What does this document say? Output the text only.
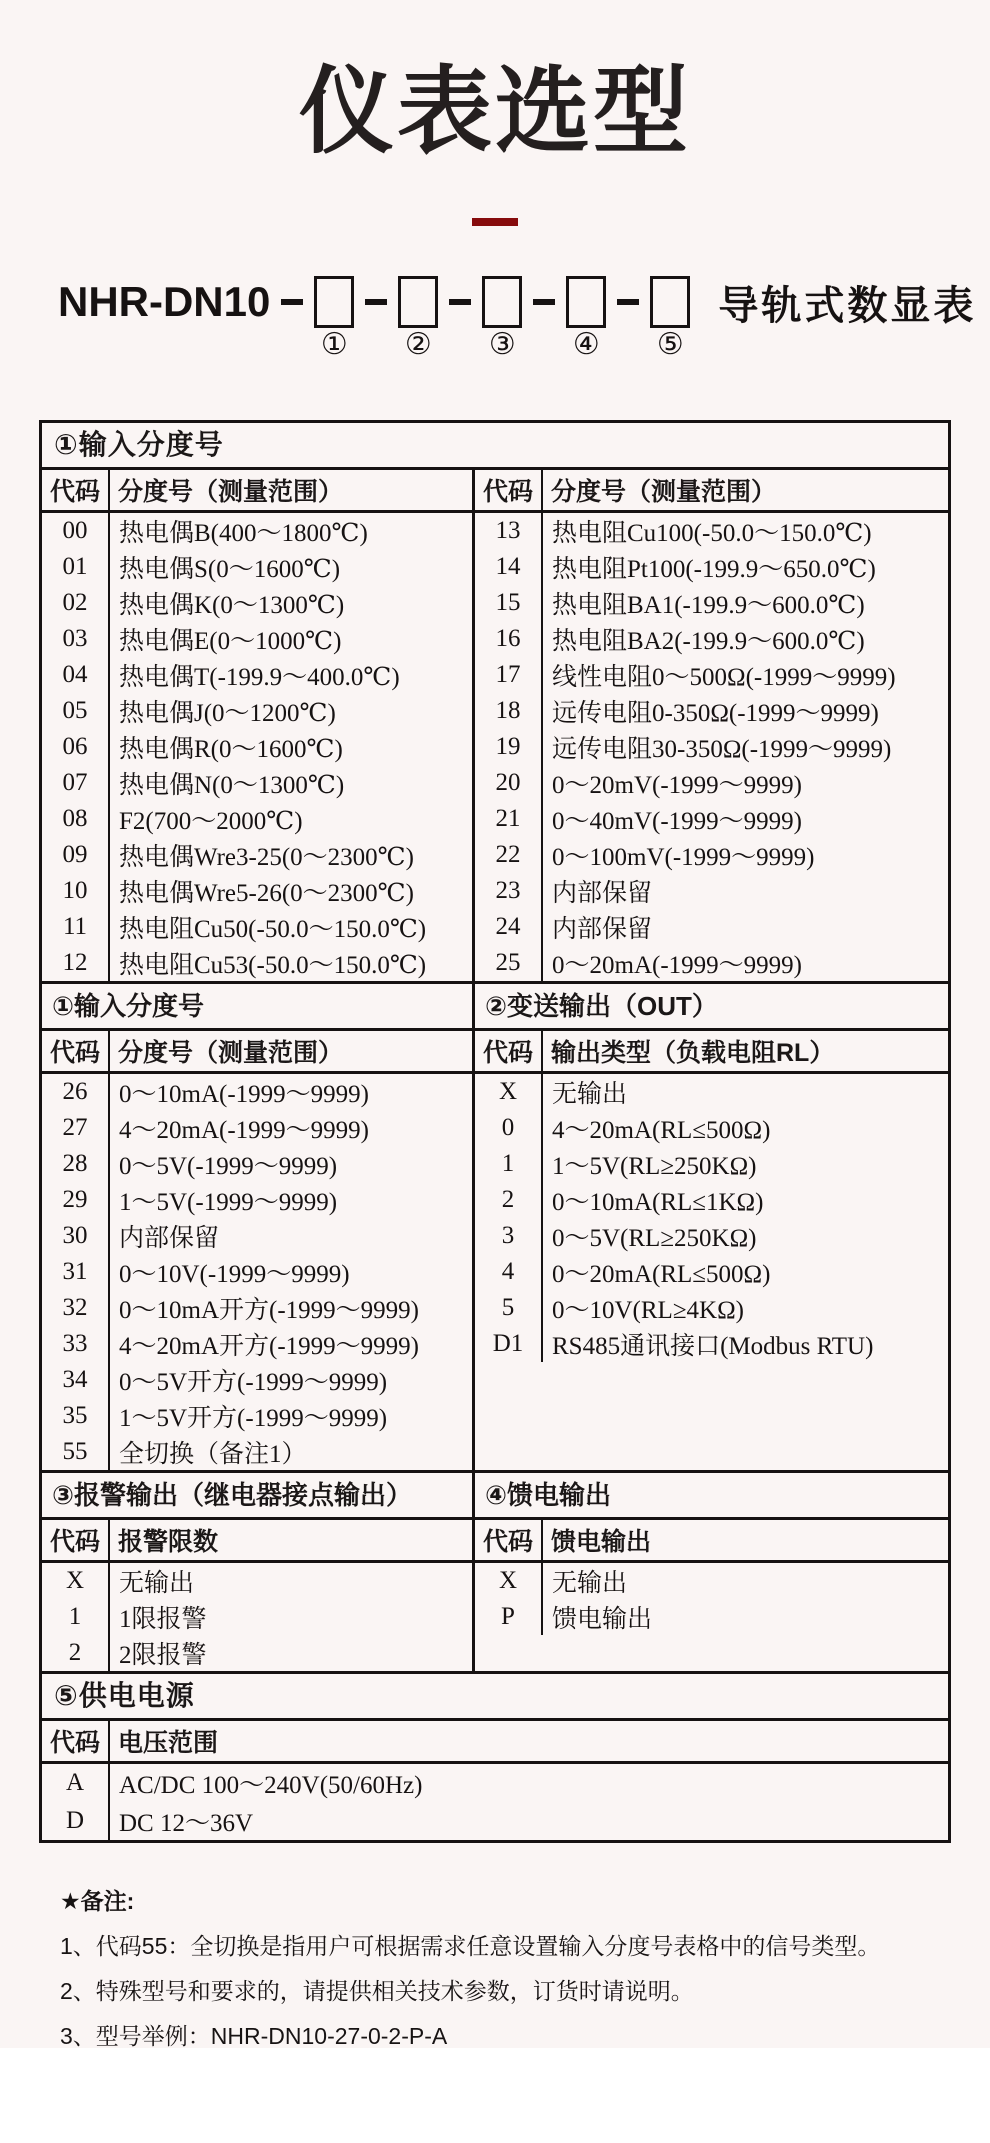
仪表选型
NHR-DN10
① ② ③ ④ ⑤
导轨式数显表
①输入分度号
代码 分度号（测量范围）
00	热电偶B(400～1800℃)
01	热电偶S(0～1600℃)
02	热电偶K(0～1300℃)
03	热电偶E(0～1000℃)
04	热电偶T(-199.9～400.0℃)
05	热电偶J(0～1200℃)
06	热电偶R(0～1600℃)
07	热电偶N(0～1300℃)
08	F2(700～2000℃)
09	热电偶Wre3-25(0～2300℃)
10	热电偶Wre5-26(0～2300℃)
11	热电阻Cu50(-50.0～150.0℃)
12	热电阻Cu53(-50.0～150.0℃)
代码 分度号（测量范围）
13	热电阻Cu100(-50.0～150.0℃)
14	热电阻Pt100(-199.9～650.0℃)
15	热电阻BA1(-199.9～600.0℃)
16	热电阻BA2(-199.9～600.0℃)
17	线性电阻0～500Ω(-1999～9999)
18	远传电阻0-350Ω(-1999～9999)
19	远传电阻30-350Ω(-1999～9999)
20	0～20mV(-1999～9999)
21	0～40mV(-1999～9999)
22	0～100mV(-1999～9999)
23	内部保留
24	内部保留
25	0～20mA(-1999～9999)
①输入分度号
代码 分度号（测量范围）
26	0～10mA(-1999～9999)
27	4～20mA(-1999～9999)
28	0～5V(-1999～9999)
29	1～5V(-1999～9999)
30	内部保留
31	0～10V(-1999～9999)
32	0～10mA开方(-1999～9999)
33	4～20mA开方(-1999～9999)
34	0～5V开方(-1999～9999)
35	1～5V开方(-1999～9999)
55	全切换（备注1）
②变送输出（OUT）
代码 输出类型（负载电阻RL）
X	无输出
0	4～20mA(RL≤500Ω)
1	1～5V(RL≥250KΩ)
2	0～10mA(RL≤1KΩ)
3	0～5V(RL≥250KΩ)
4	0～20mA(RL≤500Ω)
5	0～10V(RL≥4KΩ)
D1	RS485通讯接口(Modbus RTU)
③报警输出（继电器接点输出）
代码 报警限数
X	无输出
1	1限报警
2	2限报警
④馈电输出
代码 馈电输出
X	无输出
P	馈电输出
⑤供电电源
代码 电压范围
A	AC/DC 100～240V(50/60Hz)
D	DC 12～36V
★备注:
1、代码55：全切换是指用户可根据需求任意设置输入分度号表格中的信号类型。
2、特殊型号和要求的，请提供相关技术参数，订货时请说明。
3、型号举例：NHR-DN10-27-0-2-P-A
